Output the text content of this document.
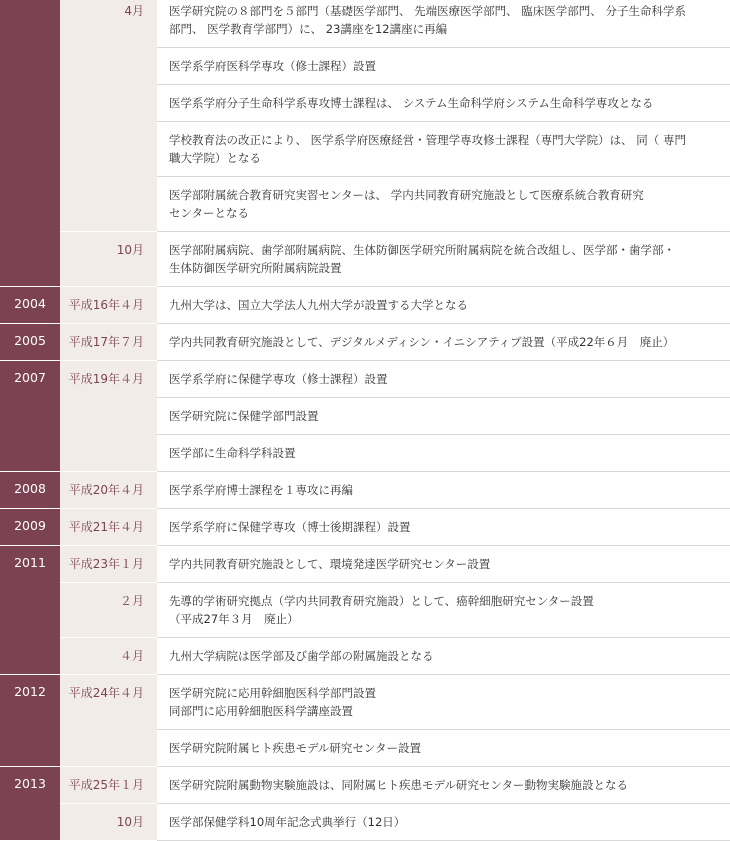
	4月	医学研究院の８部門を５部門（基礎医学部門、 先端医療医学部門、 臨床医学部門、 分子生命科学系
部門、 医学教育学部門）に、 23講座を12講座に再編

		医学系学府医科学専攻（修士課程）設置

		医学系学府分子生命科学系専攻博士課程は、 システム生命科学府システム生命科学専攻となる

		学校教育法の改正により、 医学系学府医療経営・管理学専攻修士課程（専門大学院）は、 同（ 専門
職大学院）となる

		医学部附属統合教育研究実習センターは、 学内共同教育研究施設として医療系統合教育研究
センターとなる

	10月	医学部附属病院、歯学部附属病院、生体防御医学研究所附属病院を統合改組し、医学部・歯学部・
生体防御医学研究所附属病院設置

2004	平成16年４月	九州大学は、国立大学法人九州大学が設置する大学となる

2005	平成17年７月	学内共同教育研究施設として、デジタルメディシン・イニシアティブ設置（平成22年６月　廃止）

2007	平成19年４月	医学系学府に保健学専攻（修士課程）設置

		医学研究院に保健学部門設置

		医学部に生命科学科設置

2008	平成20年４月	医学系学府博士課程を１専攻に再編

2009	平成21年４月	医学系学府に保健学専攻（博士後期課程）設置

2011	平成23年１月	学内共同教育研究施設として、環境発達医学研究センター設置

	２月	先導的学術研究拠点（学内共同教育研究施設）として、癌幹細胞研究センター設置
（平成27年３月　廃止）

	４月	九州大学病院は医学部及び歯学部の附属施設となる

2012	平成24年４月	医学研究院に応用幹細胞医科学部門設置
同部門に応用幹細胞医科学講座設置

		医学研究院附属ヒト疾患モデル研究センター設置

2013	平成25年１月	医学研究院附属動物実験施設は、同附属ヒト疾患モデル研究センター動物実験施設となる

	10月	医学部保健学科10周年記念式典挙行（12日）
